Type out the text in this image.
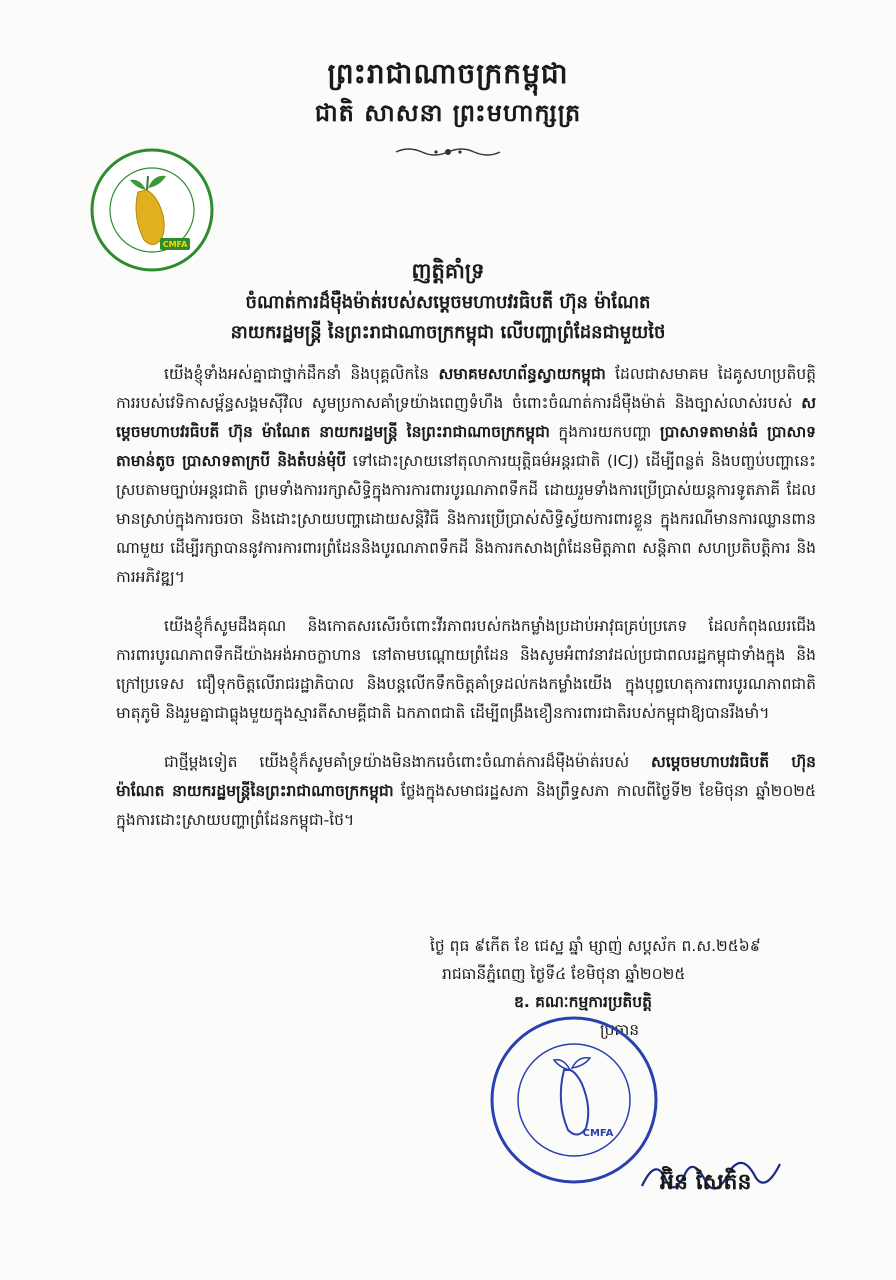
ព្រះរាជាណាចក្រកម្ពុជា
ជាតិ សាសនា ព្រះមហាក្សត្រ
CMFA
ញត្តិគាំទ្រ
ចំណាត់ការដ៏មុឺងម៉ាត់របស់សម្តេចមហាបវរធិបតី ហ៊ុន ម៉ាណែត
នាយករដ្ឋមន្ត្រី នៃព្រះរាជាណាចក្រកម្ពុជា លើបញ្ហាព្រំដែនជាមួយថៃ

យើងខ្ញុំទាំងអស់គ្នាជាថ្នាក់ដឹកនាំ និងបុគ្គលិកនៃ សមាគមសហព័ន្ធស្វាយកម្ពុជា ដែលជាសមាគម ដៃគូសហប្រតិបត្តិការរបស់វេទិកាសម្ព័ន្ធសង្គមស៊ីវិល សូមប្រកាសគាំទ្រយ៉ាងពេញទំហឹង ចំពោះចំណាត់ការដ៏មុឺងម៉ាត់ និងច្បាស់លាស់របស់ សម្តេចមហាបវរធិបតី ហ៊ុន ម៉ាណែត នាយករដ្ឋមន្ត្រី នៃព្រះរាជាណាចក្រកម្ពុជា ក្នុងការយកបញ្ហា ប្រាសាទតាមាន់ធំ ប្រាសាទតាមាន់តូច ប្រាសាទតាក្របី និងតំបន់មុំបី ទៅដោះស្រាយនៅតុលាការយុត្តិធម៌អន្តរជាតិ (ICJ) ដើម្បីពន្លត់ និងបញ្ចប់បញ្ហានេះស្របតាមច្បាប់អន្តរជាតិ ព្រមទាំងការរក្សាសិទ្ធិក្នុងការការពារបូរណភាពទឹកដី ដោយរួមទាំងការប្រើប្រាស់យន្តការទូតភាគី ដែលមានស្រាប់ក្នុងការចរចា និងដោះស្រាយបញ្ហាដោយសន្តិវិធី និងការប្រើប្រាស់សិទ្ធិស្វ័យការពារខ្លួន ក្នុងករណីមានការឈ្លានពានណាមួយ ដើម្បីរក្សាបាននូវការការពារព្រំដែននិងបូរណភាពទឹកដី និងការកសាងព្រំដែនមិត្តភាព សន្តិភាព សហប្រតិបត្តិការ និងការអភិវឌ្ឍ។

យើងខ្ញុំក៏សូមដឹងគុណ និងកោតសរសើរចំពោះវីរភាពរបស់កងកម្លាំងប្រដាប់អាវុធគ្រប់ប្រភេទ ដែលកំពុងឈរជើងការពារបូរណភាពទឹកដីយ៉ាងអង់អាចក្លាហាន នៅតាមបណ្តោយព្រំដែន និងសូមអំពាវនាវដល់ប្រជាពលរដ្ឋកម្ពុជាទាំងក្នុង និងក្រៅប្រទេស ជឿទុកចិត្តលើរាជរដ្ឋាភិបាល និងបន្តលើកទឹកចិត្តគាំទ្រដល់កងកម្លាំងយើង ក្នុងបុព្វហេតុការពារបូរណភាពជាតិមាតុភូមិ និងរួមគ្នាជាធ្លុងមួយក្នុងស្មារតីសាមគ្គីជាតិ ឯកភាពជាតិ ដើម្បីពង្រឹងខឿនការពារជាតិរបស់កម្ពុជាឱ្យបានរឹងមាំ។

ជាថ្មីម្តងទៀត យើងខ្ញុំក៏សូមគាំទ្រយ៉ាងមិនងាករេចំពោះចំណាត់ការដ៏មុឺងម៉ាត់របស់ សម្តេចមហាបវរធិបតី ហ៊ុន ម៉ាណែត នាយករដ្ឋមន្ត្រីនៃព្រះរាជាណាចក្រកម្ពុជា ថ្លែងក្នុងសមាជរដ្ឋសភា និងព្រឹទ្ធសភា កាលពីថ្ងៃទី២ ខែមិថុនា ឆ្នាំ២០២៥ ក្នុងការដោះស្រាយបញ្ហាព្រំដែនកម្ពុជា-ថៃ។

ថ្ងៃ ពុធ ៩កើត ខែ ជេស្ឋ ឆ្នាំ ម្សាញ់ សប្តស័ក ព.ស.២៥៦៩
រាជធានីភ្នំពេញ ថ្ងៃទី៤ ខែមិថុនា ឆ្នាំ២០២៥
ឌ. គណៈកម្មការប្រតិបត្តិ
ប្រធាន
CMFA
អ៊ិន សៃតិន
